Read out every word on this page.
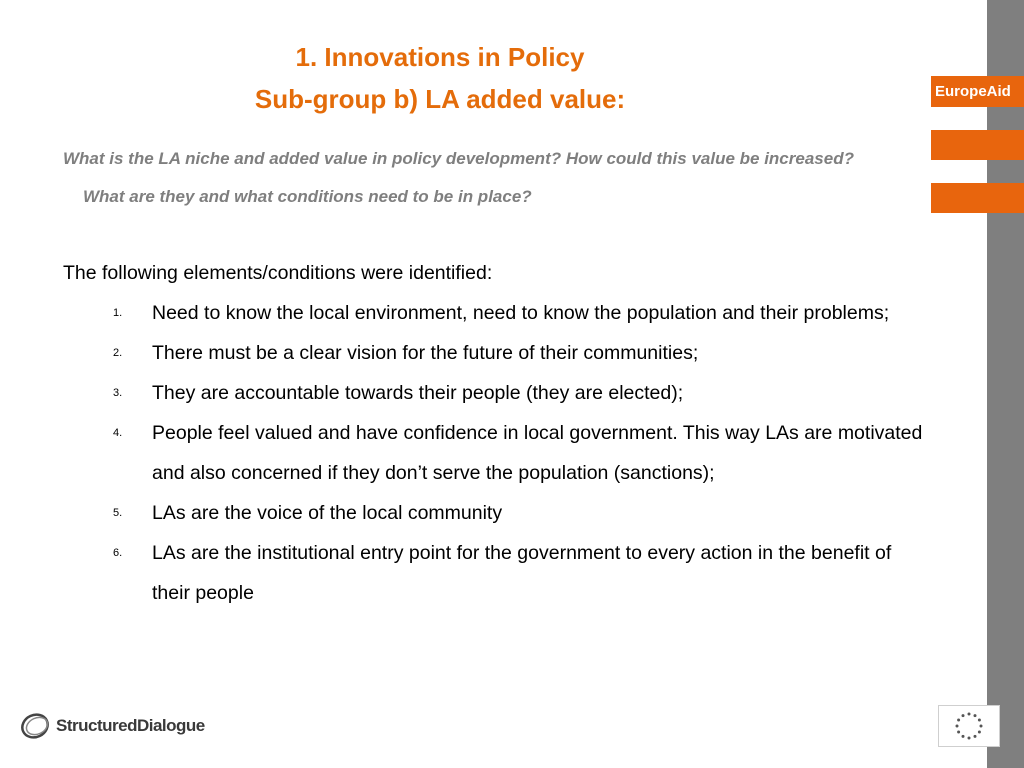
EuropeAid
1. Innovations in Policy
Sub-group b) LA added value:
What is the LA niche and added value in policy development? How could this value be increased? What are they and what conditions need to be in place?
The following elements/conditions were identified:
1.	Need to know the local environment, need to know the population and their problems;
2.	There must be a clear vision for the future of their communities;
3.	They are accountable towards their people (they are elected);
4.	People feel valued and have confidence in local government. This way LAs are motivated and also concerned if they don’t serve the population (sanctions);
5.	LAs are the voice of the local community
6.	LAs are the institutional entry point for the government to every action in the benefit of their people
StructuredDialogue
